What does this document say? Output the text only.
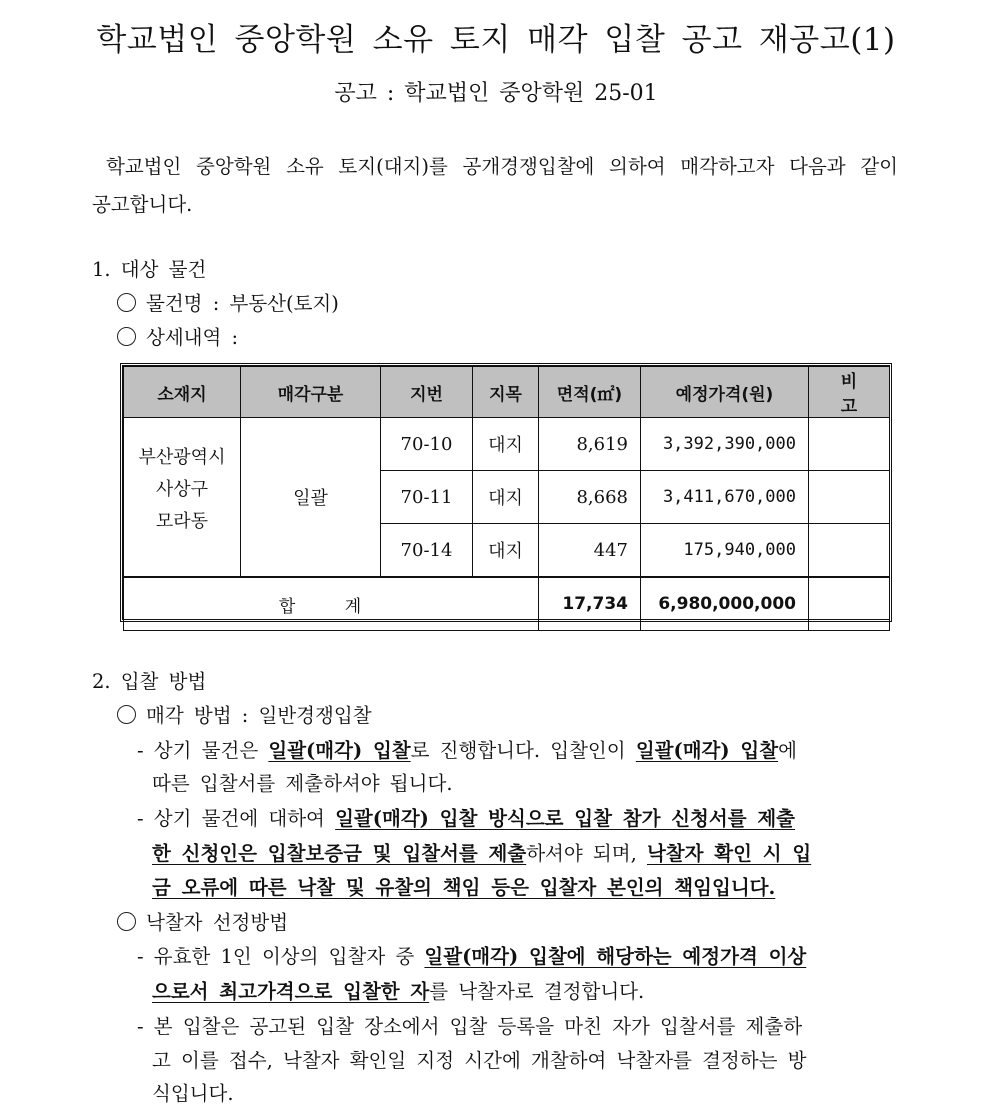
학교법인 중앙학원 소유 토지 매각 입찰 공고 재공고(1)
공고 : 학교법인 중앙학원 25-01
학교법인 중앙학원 소유 토지(대지)를 공개경쟁입찰에 의하여 매각하고자 다음과 같이 공고합니다.
1. 대상 물건
물건명 : 부동산(토지)
상세내역 :
소재지	매각구분	지번	지목	면적(㎡)	예정가격(원)	비 고

부산광역시
사상구
모라동	일괄	70-10	대지	8,619	3,392,390,000	
		70-11	대지	8,668	3,411,670,000	
		70-14	대지	447	175,940,000	
합 계				17,734	6,980,000,000	
2. 입찰 방법
매각 방법 : 일반경쟁입찰
- 상기 물건은 일괄(매각) 입찰로 진행합니다. 입찰인이 일괄(매각) 입찰에
따른 입찰서를 제출하셔야 됩니다.
- 상기 물건에 대하여 일괄(매각) 입찰 방식으로 입찰 참가 신청서를 제출
한 신청인은 입찰보증금 및 입찰서를 제출하셔야 되며, 낙찰자 확인 시 입
금 오류에 따른 낙찰 및 유찰의 책임 등은 입찰자 본인의 책임입니다.
낙찰자 선정방법
- 유효한 1인 이상의 입찰자 중 일괄(매각) 입찰에 해당하는 예정가격 이상
으로서 최고가격으로 입찰한 자를 낙찰자로 결정합니다.
- 본 입찰은 공고된 입찰 장소에서 입찰 등록을 마친 자가 입찰서를 제출하
고 이를 접수, 낙찰자 확인일 지정 시간에 개찰하여 낙찰자를 결정하는 방
식입니다.
